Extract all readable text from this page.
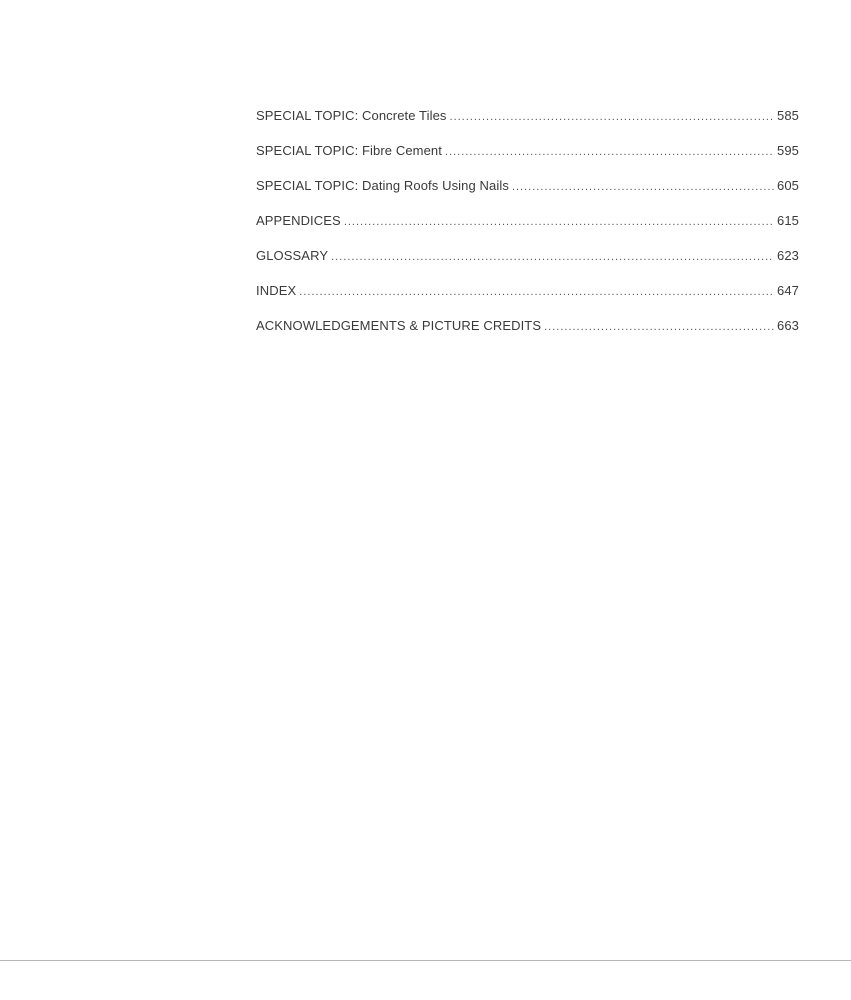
SPECIAL TOPIC: Concrete Tiles .....	585
SPECIAL TOPIC: Fibre Cement .....	595
SPECIAL TOPIC: Dating Roofs Using Nails .....	605
APPENDICES .....	615
GLOSSARY .....	623
INDEX .....	647
ACKNOWLEDGEMENTS & PICTURE CREDITS .....	663
